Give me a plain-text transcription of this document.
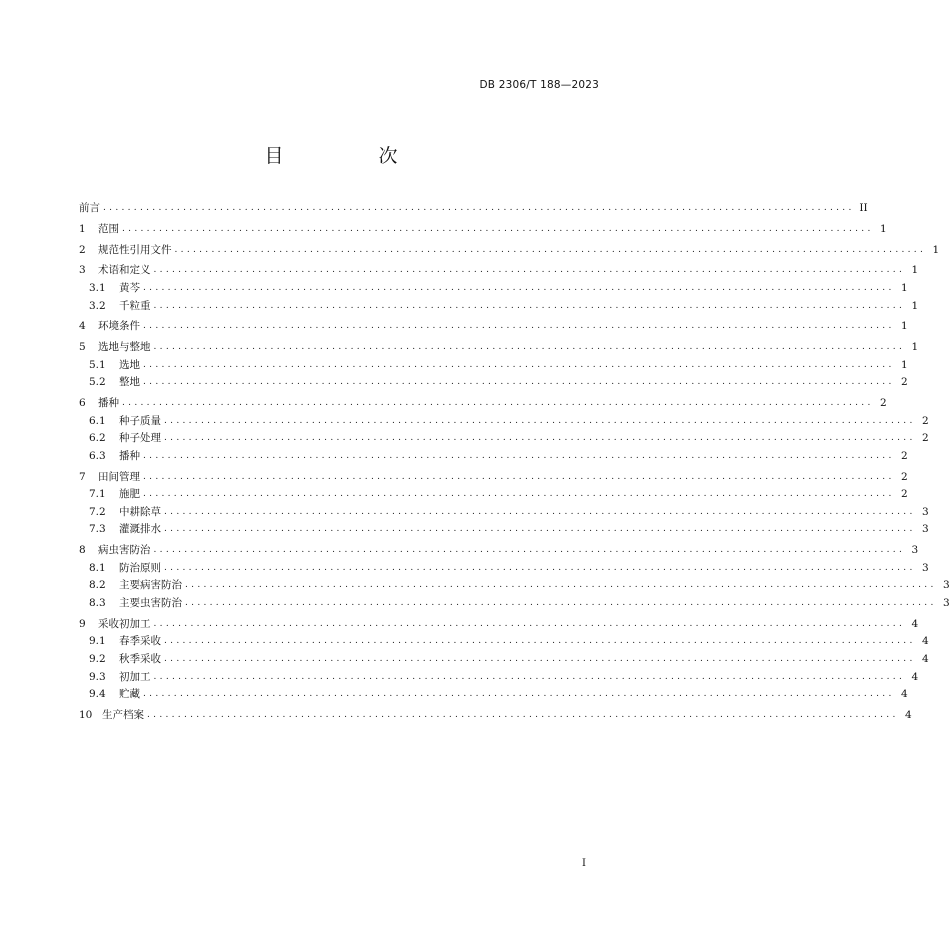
DB 2306/T 188—2023
目　次
前言 .......................................................................................................................... II
1	范围 .......................................................................................................................... 1
2	规范性引用文件 .......................................................................................................................... 1
3	术语和定义 .......................................................................................................................... 1
3.1	黄芩 .......................................................................................................................... 1
3.2	千粒重 .......................................................................................................................... 1
4	环境条件 .......................................................................................................................... 1
5	选地与整地 .......................................................................................................................... 1
5.1	选地 .......................................................................................................................... 1
5.2	整地 .......................................................................................................................... 2
6	播种 .......................................................................................................................... 2
6.1	种子质量 .......................................................................................................................... 2
6.2	种子处理 .......................................................................................................................... 2
6.3	播种 .......................................................................................................................... 2
7	田间管理 .......................................................................................................................... 2
7.1	施肥 .......................................................................................................................... 2
7.2	中耕除草 .......................................................................................................................... 3
7.3	灌溉排水 .......................................................................................................................... 3
8	病虫害防治 .......................................................................................................................... 3
8.1	防治原则 .......................................................................................................................... 3
8.2	主要病害防治 .......................................................................................................................... 3
8.3	主要虫害防治 .......................................................................................................................... 3
9	采收初加工 .......................................................................................................................... 4
9.1	春季采收 .......................................................................................................................... 4
9.2	秋季采收 .......................................................................................................................... 4
9.3	初加工 .......................................................................................................................... 4
9.4	贮藏 .......................................................................................................................... 4
10 生产档案 .......................................................................................................................... 4
I
